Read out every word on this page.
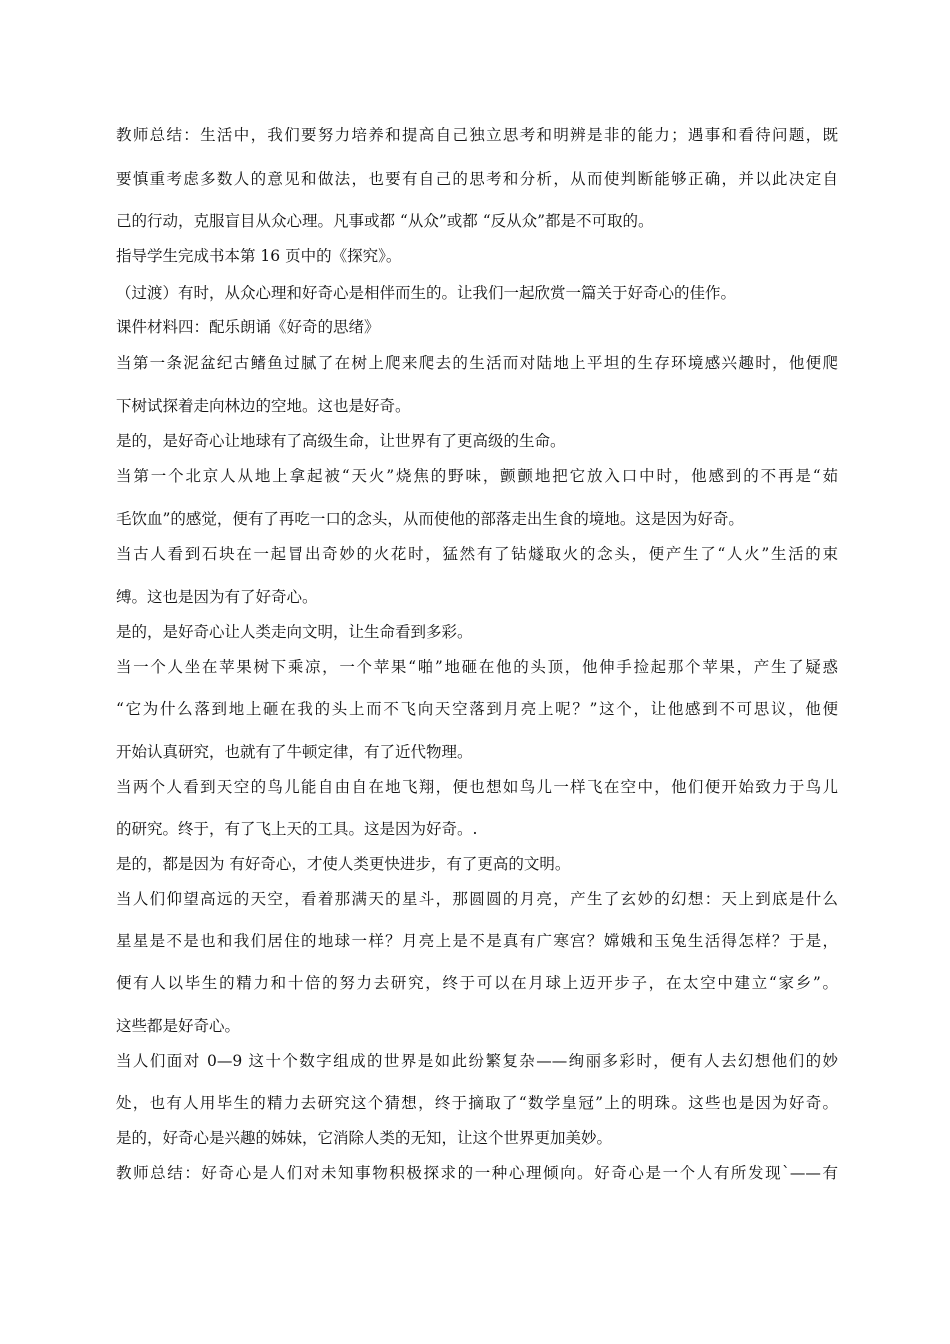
教师总结：生活中，我们要努力培养和提高自己独立思考和明辨是非的能力；遇事和看待问题，既
要慎重考虑多数人的意见和做法，也要有自己的思考和分析，从而使判断能够正确，并以此决定自
己的行动，克服盲目从众心理。凡事或都 “从众”或都 “反从众”都是不可取的。
指导学生完成书本第 16 页中的《探究》。
（过渡）有时，从众心理和好奇心是相伴而生的。让我们一起欣赏一篇关于好奇心的佳作。
课件材料四：配乐朗诵《好奇的思绪》
当第一条泥盆纪古鳍鱼过腻了在树上爬来爬去的生活而对陆地上平坦的生存环境感兴趣时，他便爬
下树试探着走向林边的空地。这也是好奇。
是的，是好奇心让地球有了高级生命，让世界有了更高级的生命。
当第一个北京人从地上拿起被“天火”烧焦的野味，颤颤地把它放入口中时，他感到的不再是“茹
毛饮血”的感觉，便有了再吃一口的念头，从而使他的部落走出生食的境地。这是因为好奇。
当古人看到石块在一起冒出奇妙的火花时，猛然有了钻燧取火的念头，便产生了“人火”生活的束
缚。这也是因为有了好奇心。
是的，是好奇心让人类走向文明，让生命看到多彩。
当一个人坐在苹果树下乘凉，一个苹果“啪”地砸在他的头顶，他伸手捡起那个苹果，产生了疑惑
“它为什么落到地上砸在我的头上而不飞向天空落到月亮上呢？”这个，让他感到不可思议，他便
开始认真研究，也就有了牛顿定律，有了近代物理。
当两个人看到天空的鸟儿能自由自在地飞翔，便也想如鸟儿一样飞在空中，他们便开始致力于鸟儿
的研究。终于，有了飞上天的工具。这是因为好奇。.
是的，都是因为 有好奇心，才使人类更快进步，有了更高的文明。
当人们仰望高远的天空，看着那满天的星斗，那圆圆的月亮，产生了玄妙的幻想：天上到底是什么
星星是不是也和我们居住的地球一样？月亮上是不是真有广寒宫？嫦娥和玉兔生活得怎样？于是，
便有人以毕生的精力和十倍的努力去研究，终于可以在月球上迈开步子，在太空中建立“家乡”。
这些都是好奇心。
当人们面对 0—9 这十个数字组成的世界是如此纷繁复杂——绚丽多彩时，便有人去幻想他们的妙
处，也有人用毕生的精力去研究这个猜想，终于摘取了“数学皇冠”上的明珠。这些也是因为好奇。
是的，好奇心是兴趣的姊妹，它消除人类的无知，让这个世界更加美妙。
教师总结：好奇心是人们对未知事物积极探求的一种心理倾向。好奇心是一个人有所发现`——有
